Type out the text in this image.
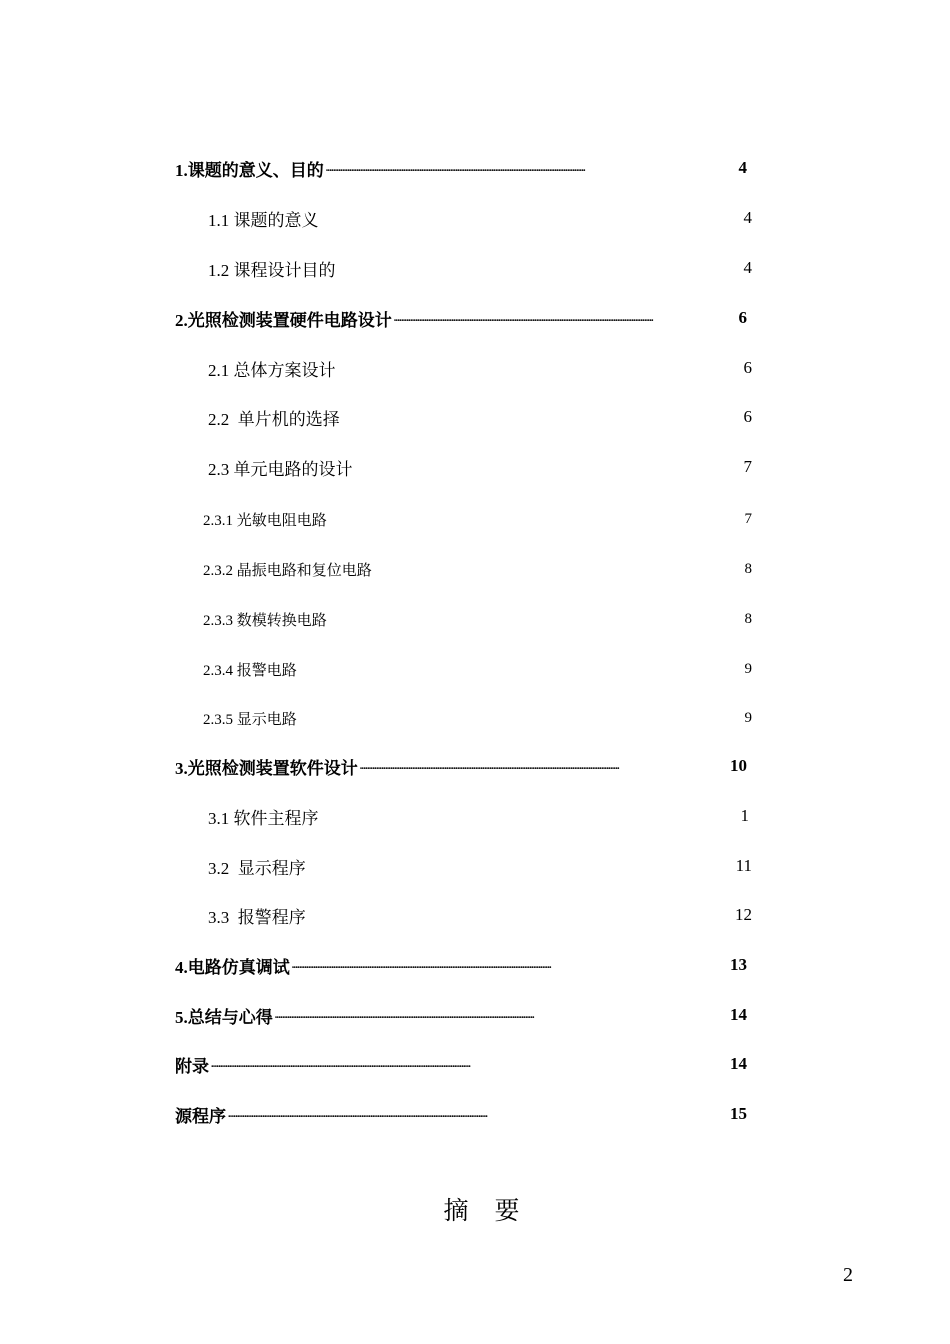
1.课题的意义、目的 . . .	4
1.1 课题的意义	4
1.2 课程设计目的	4
2.光照检测装置硬件电路设计 . . .	6
2.1 总体方案设计	6
2.2  单片机的选择	6
2.3 单元电路的设计	7
2.3.1 光敏电阻电路	7
2.3.2 晶振电路和复位电路	8
2.3.3 数模转换电路	8
2.3.4 报警电路	9
2.3.5 显示电路	9
3.光照检测装置软件设计 . . .	10
3.1 软件主程序	1
3.2  显示程序	11
3.3  报警程序	12
4.电路仿真调试 . . .	13
5.总结与心得 . . .	14
附录 . . .	14
源程序 . . .	15
摘要
2
